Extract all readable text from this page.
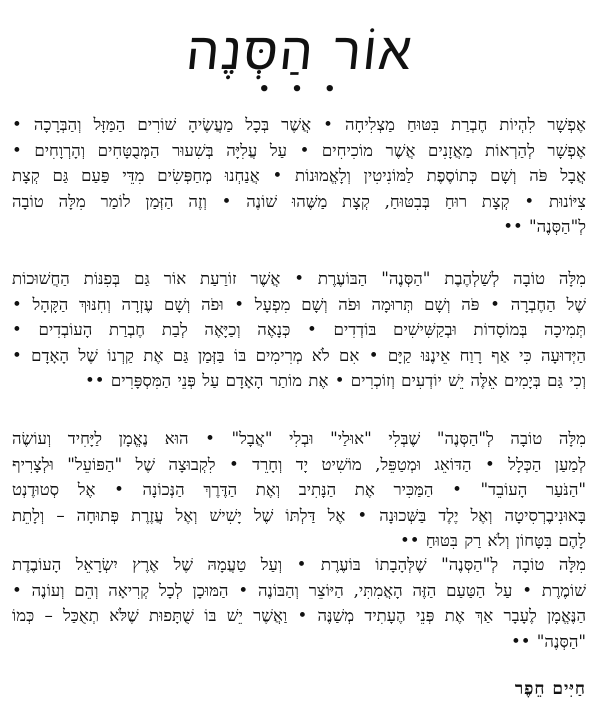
אוֹר הַסְּנֶה
∙ ∙ ∙
אֶפְשָׁר לִהְיוֹת חֶבְרַת בִּטּוּחַ מַצְלִיחָה • אֲשֶׁר בְּכָל מַעֲשֶׂיהָ שׁוֹרִים הַמַּזָּל וְהַבְּרָכָה •
אֶפְשָׁר לְהַרְאוֹת מַאֲזָנִים אֲשֶׁר מוֹכִיחִים • עַל עֲלִיָּה בְּשִׁעוּר הַמְּבֻטָּחִים וְהָרְוָחִים •
אֲבָל פֹּה וְשָׁם כְּתוֹסֶפֶת לַמּוֹנִיטִין וְלָאֱמוּנוֹת • אֲנַחְנוּ מְחַפְּשִׂים מִדֵּי פַּעַם גַּם קְצָת
צִיּוֹנוּת • קְצָת רוּחַ בְּבִטּוּחַ, קְצָת מַשֶּׁהוּ שׁוֹנֶה • וְזֶה הַזְּמַן לוֹמַר מִלָּה טוֹבָה
לְ"הַסְּנֶה" ••
מִלָּה טוֹבָה לְשַׁלְהֶבֶת "הַסְּנֶה" הַבּוֹעֶרֶת • אֲשֶׁר זוֹרַעַת אוֹר גַּם בְּפִנּוֹת הַחֲשׁוּכוֹת
שֶׁל הַחֶבְרָה • פֹּה וְשָׁם תְּרוּמָה וּפֹה וְשָׁם מִפְעָל • וּפֹה וְשָׁם עֶזְרָה וְחִנּוּךְ הַקָּהָל •
תְּמִיכָה בְּמוֹסָדוֹת וּבְקַשִּׁישִׁים בּוֹדְדִים • כְּנָאֶה וְכַיָּאֶה לְבַת חֶבְרַת הָעוֹבְדִים •
הַיְּדוּעָה כִּי אַף רָוַח אֵינֶנּוּ קַיָּם • אִם לֹא מְרִימִים בּוֹ בַּזְּמַן גַּם אֶת קַרְנוֹ שֶׁל הָאָדָם •
וְכִי גַּם בְּיָמִים אֵלֶּה יֵשׁ יוֹדְעִים וְזוֹכְרִים • אֶת מוֹתַר הָאָדָם עַל פְּנֵי הַמִּסְפָּרִים ••
מִלָּה טוֹבָה לְ"הַסְּנֶה" שֶׁבְּלִי "אוּלַי" וּבְלִי "אֲבָל" • הוּא נֶאֱמָן לַיָּחִיד וְעוֹשֶׂה
לְמַעַן הַכְּלָל • הַדּוֹאֵג וּמְטַפֵּל, מוֹשִׁיט יָד וְחָרֵד • לִקְבוּצָה שֶׁל "הַפּוֹעֵל" וּלְצָרִיף
"הַנֹּעַר הָעוֹבֵד" • הַמַּכִּיר אֶת הַנָּתִיב וְאֶת הַדֶּרֶךְ הַנְּכוֹנָה • אֶל סְטוּדֶנְט
בָּאוּנִיבֶרְסִיטָה וְאֶל יֶלֶד בַּשְּׁכוּנָה • אֶל דַּלְתּוֹ שֶׁל יָשִׁישׁ וְאֶל עֲזֶרֶת פְּתוּחָה – וְלָתֵת
לָהֶם בִּטָּחוֹן וְלֹא רַק בִּטּוּחַ ••
מִלָּה טוֹבָה לְ"הַסְּנֶה" שֶׁלְּהָבָתוֹ בּוֹעֶרֶת • וְעַל טַעֲמָהּ שֶׁל אֶרֶץ יִשְׂרָאֵל הָעוֹבֶדֶת
שׁוֹמֶרֶת • עַל הַטַּעַם הַזֶּה הָאֲמִתִּי, הַיּוֹצֵר וְהַבּוֹנֶה • הַמּוּכָן לְכָל קְרִיאָה וְהֵם וְעוֹנֶה •
הַנֶּאֱמָן לֶעָבָר אַךְ אֶת פְּנֵי הֶעָתִיד מְשַׁנֶּה • וַאֲשֶׁר יֵשׁ בּוֹ שֻׁתָּפוּת שֶׁלֹּא תְאֻכַּל – כְּמוֹ
"הַסְּנֶה" ••
חַיִּים חֵפֶר
